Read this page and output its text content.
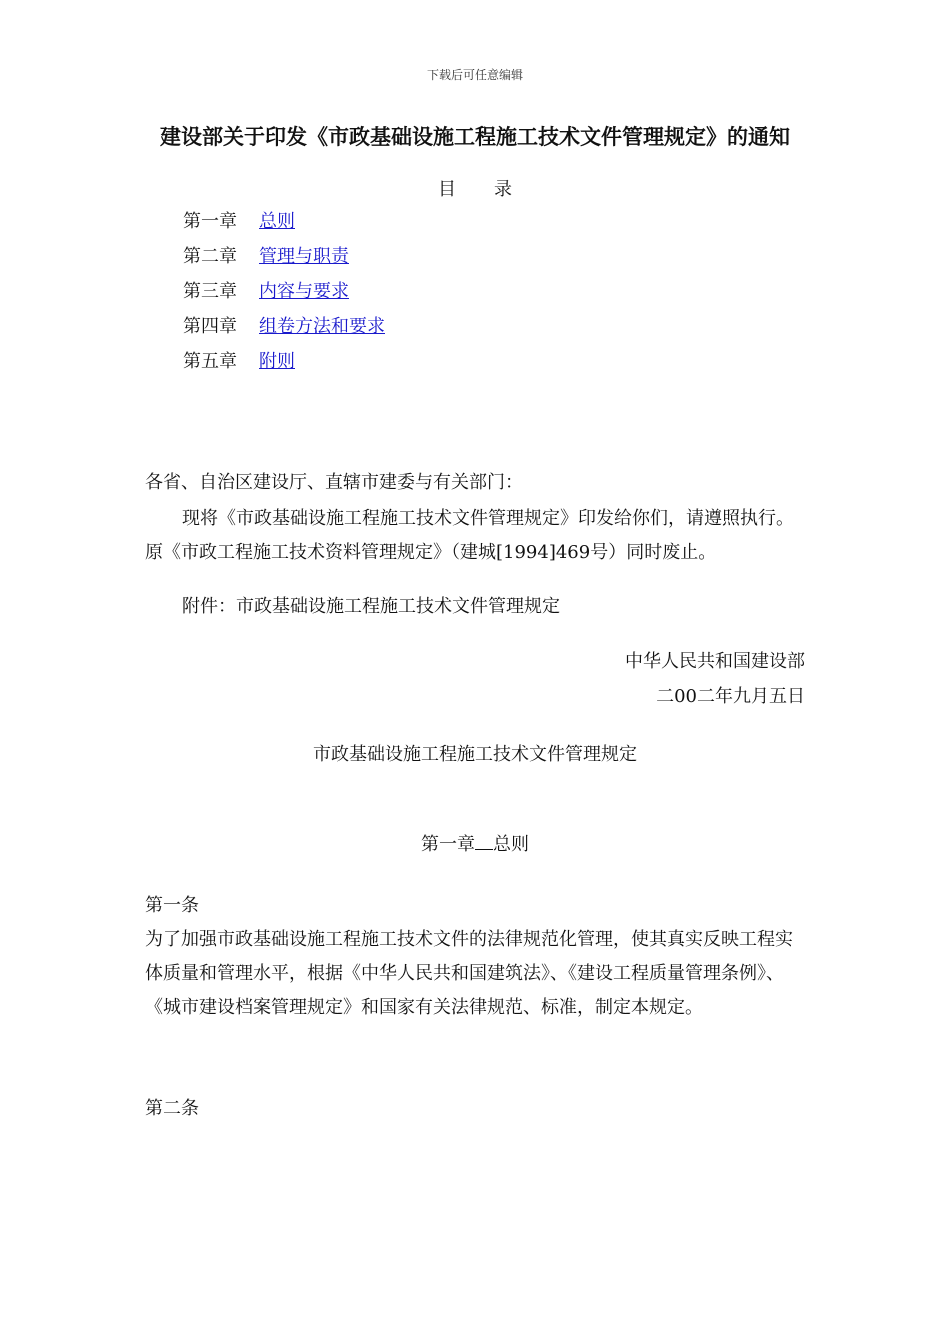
下载后可任意编辑
建设部关于印发《市政基础设施工程施工技术文件管理规定》的通知
目 录
第一章 总则
第二章 管理与职责
第三章 内容与要求
第四章 组卷方法和要求
第五章 附则
各省、自治区建设厅、直辖市建委与有关部门：
现将《市政基础设施工程施工技术文件管理规定》印发给你们，请遵照执行。原《市政工程施工技术资料管理规定》（建城[1994]469号）同时废止。
附件：市政基础设施工程施工技术文件管理规定
中华人民共和国建设部
二00二年九月五日
市政基础设施工程施工技术文件管理规定
第一章 总则
第一条
为了加强市政基础设施工程施工技术文件的法律规范化管理，使其真实反映工程实体质量和管理水平，根据《中华人民共和国建筑法》、《建设工程质量管理条例》、《城市建设档案管理规定》和国家有关法律规范、标准，制定本规定。
第二条
